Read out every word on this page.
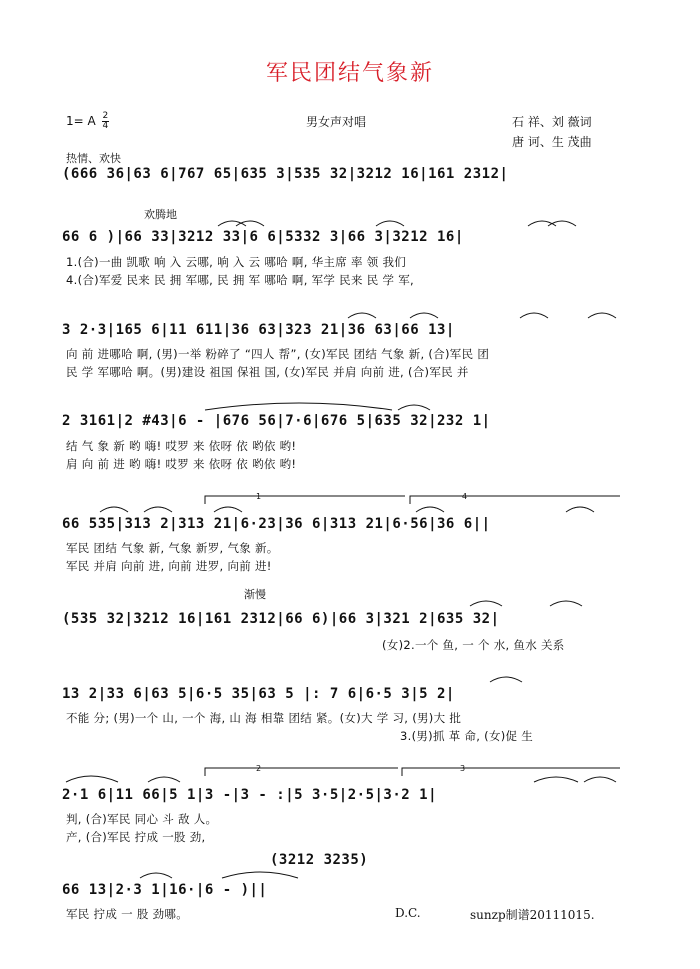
军民团结气象新
1= A $\frac{2}{4}$	男女声对唱	石 祥、刘 薇词
唐 诃、生 茂曲
热情、欢快
欢腾地
渐慢
(666 36|63 6|767 65|635 3|535 32|3212 16|161 2312|
66 6 )|66 33|3212 33|6 6|5332 3|66 3|3212 16|
1.(合)一曲 凯歌 响 入 云哪, 响 入 云 哪哈 啊, 华主席 率 领 我们
4.(合)军爱 民来 民 拥 军哪, 民 拥 军 哪哈 啊, 军学 民来 民 学 军,
3 2·3|165 6|11 611|36 63|323 21|36 63|66 13|
向 前 进哪哈 啊, (男)一举 粉碎了 “四人 帮”, (女)军民 团结 气象 新, (合)军民 团
民 学 军哪哈 啊。(男)建设 祖国 保祖 国, (女)军民 并肩 向前 进, (合)军民 并
2 3161|2 #43|6 - |676 56|7·6|676 5|635 32|232 1|
结 气 象 新 哟 嗨! 哎罗 来 依呀 依 哟依 哟!
肩 向 前 进 哟 嗨! 哎罗 来 依呀 依 哟依 哟!
1	4
66 535|313 2|313 21|6·23|36 6|313 21|6·56|36 6||
军民 团结 气象 新, 气象 新罗, 气象 新。
军民 并肩 向前 进, 向前 进罗, 向前 进!
(535 32|3212 16|161 2312|66 6)|66 3|321 2|635 32|
(女)2.一个 鱼, 一 个 水, 鱼水 关系
13 2|33 6|63 5|6·5 35|63 5 |: 7 6|6·5 3|5 2|
不能 分; (男)一个 山, 一个 海, 山 海 相靠 团结 紧。(女)大 学 习, (男)大 批
3.(男)抓 革 命, (女)促 生
2	3
2·1 6|11 66|5 1|3 -|3 - :|5 3·5|2·5|3·2 1|
判, (合)军民 同心 斗 敌 人。
产, (合)军民 拧成 一股 劲,
(3212 3235)
66 13|2·3 1|16·|6 - )||
军民 拧成 一 股 劲哪。	D.C.	sunzp制谱20111015.
